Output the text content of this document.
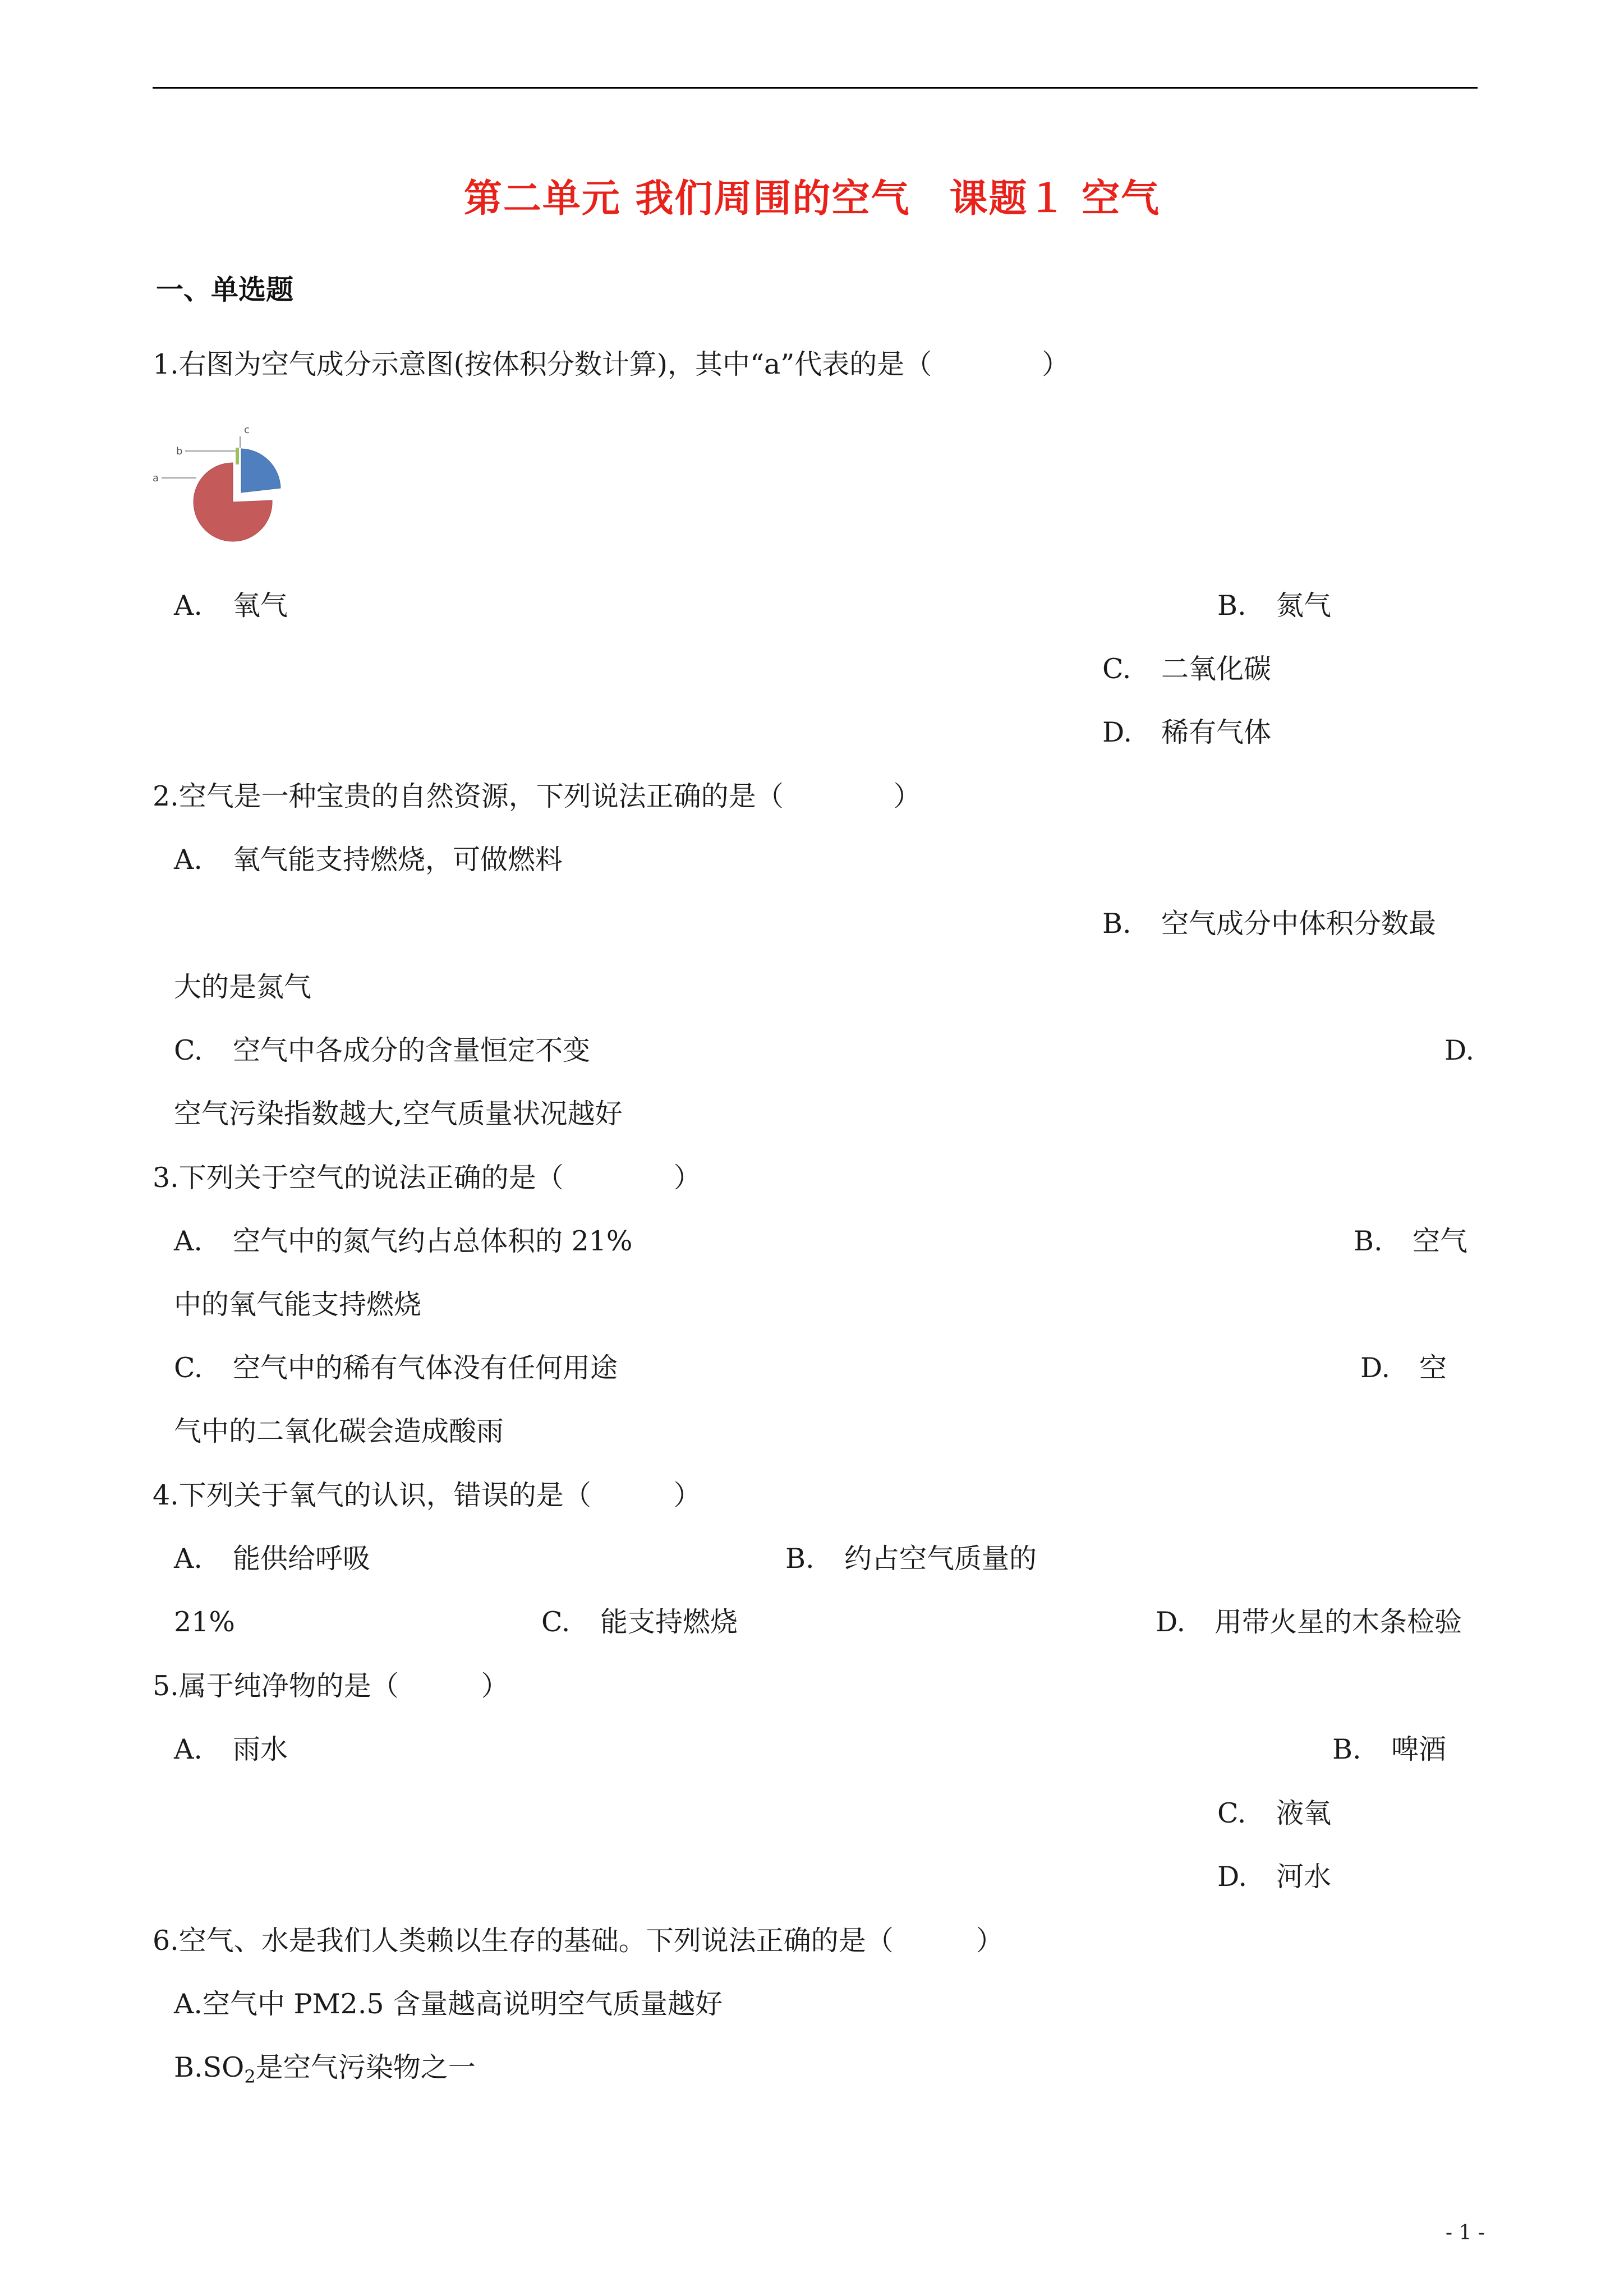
第二单元 我们周围的空气　课题１ 空气
一、单选题
1.右图为空气成分示意图(按体积分数计算)，其中“a”代表的是（　　　　）
b
c
a
A. 氧气	B. 氮气
C. 二氧化碳
D. 稀有气体
2.空气是一种宝贵的自然资源，下列说法正确的是（　　　　）
A. 氧气能支持燃烧，可做燃料
B. 空气成分中体积分数最
大的是氮气
C. 空气中各成分的含量恒定不变	D.
空气污染指数越大,空气质量状况越好
3.下列关于空气的说法正确的是（　　　　）
A. 空气中的氮气约占总体积的 21%	B. 空气
中的氧气能支持燃烧
C. 空气中的稀有气体没有任何用途	D. 空
气中的二氧化碳会造成酸雨
4.下列关于氧气的认识，错误的是（　　　）
A. 能供给呼吸	B. 约占空气质量的
21%	C. 能支持燃烧	D. 用带火星的木条检验
5.属于纯净物的是（　　　）
A. 雨水	B. 啤酒
C. 液氧
D. 河水
6.空气、水是我们人类赖以生存的基础。下列说法正确的是（　　　）
A.空气中 PM2.5 含量越高说明空气质量越好
$B.SO_2$是空气污染物之一
- 1 -
